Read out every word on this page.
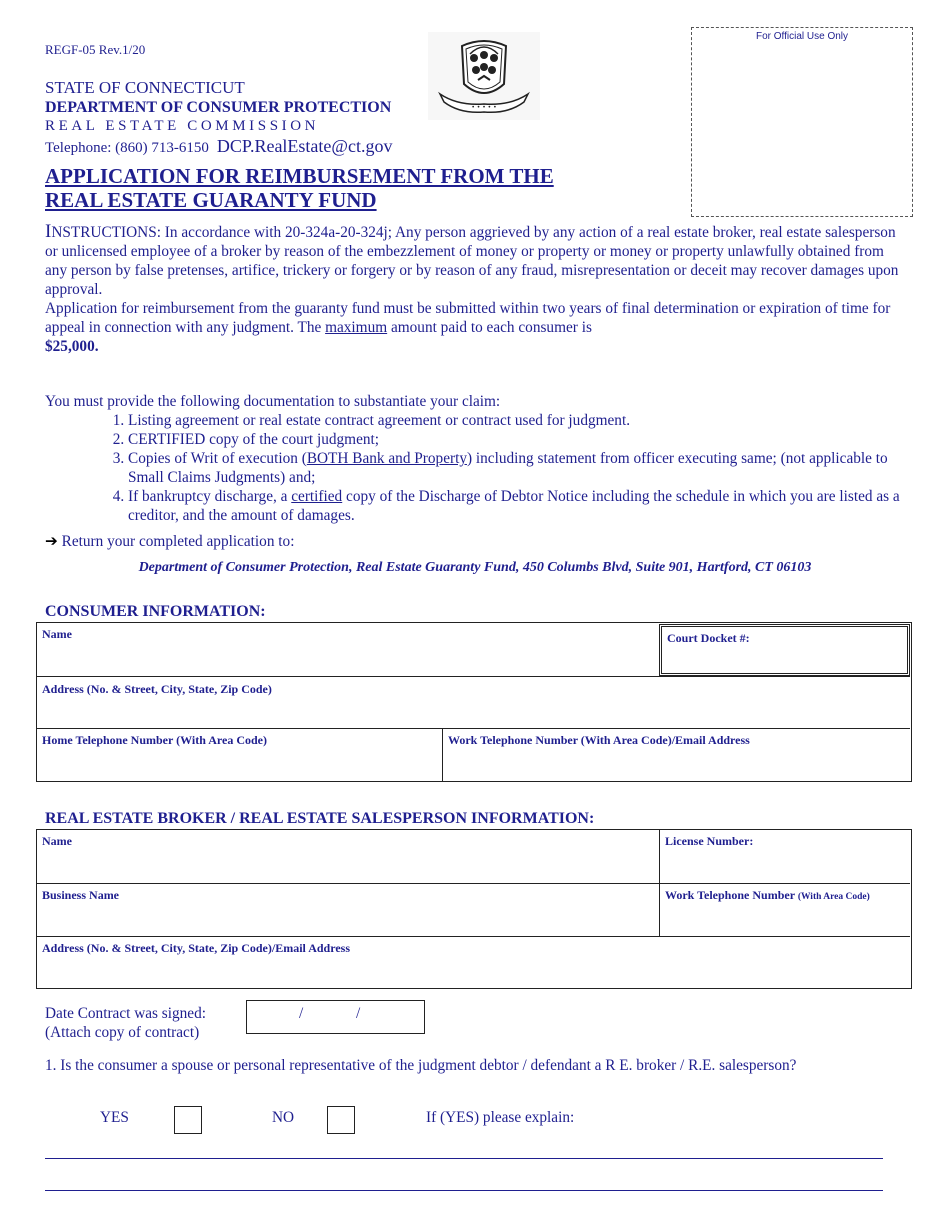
REGF-05 Rev.1/20
STATE OF CONNECTICUT
DEPARTMENT OF CONSUMER PROTECTION
REAL ESTATE COMMISSION
Telephone: (860) 713-6150 DCP.RealEstate@ct.gov
• • • • •
For Official Use Only
APPLICATION FOR REIMBURSEMENT FROM THE
REAL ESTATE GUARANTY FUND
INSTRUCTIONS: In accordance with 20-324a-20-324j; Any person aggrieved by any action of a real estate broker, real estate salesperson or unlicensed employee of a broker by reason of the embezzlement of money or property or money or property unlawfully obtained from any person by false pretenses, artifice, trickery or forgery or by reason of any fraud, misrepresentation or deceit may recover damages upon approval.
Application for reimbursement from the guaranty fund must be submitted within two years of final determination or expiration of time for appeal in connection with any judgment. The maximum amount paid to each consumer is
$25,000.
You must provide the following documentation to substantiate your claim:
1. Listing agreement or real estate contract agreement or contract used for judgment.
2. CERTIFIED copy of the court judgment;
3. Copies of Writ of execution (BOTH Bank and Property) including statement from officer executing same; (not applicable to Small Claims Judgments) and;
4. If bankruptcy discharge, a certified copy of the Discharge of Debtor Notice including the schedule in which you are listed as a creditor, and the amount of damages.
➔ Return your completed application to:
Department of Consumer Protection, Real Estate Guaranty Fund, 450 Columbs Blvd, Suite 901, Hartford, CT 06103
CONSUMER INFORMATION:
Name	Court Docket #:
Address (No. & Street, City, State, Zip Code)
Home Telephone Number (With Area Code)	Work Telephone Number (With Area Code)/Email Address
REAL ESTATE BROKER / REAL ESTATE SALESPERSON INFORMATION:
Name	License Number:
Business Name	Work Telephone Number (With Area Code)
Address (No. & Street, City, State, Zip Code)/Email Address
Date Contract was signed:
(Attach copy of contract)
/	/
1. Is the consumer a spouse or personal representative of the judgment debtor / defendant a R E. broker / R.E. salesperson?
YES	NO	If (YES) please explain:
